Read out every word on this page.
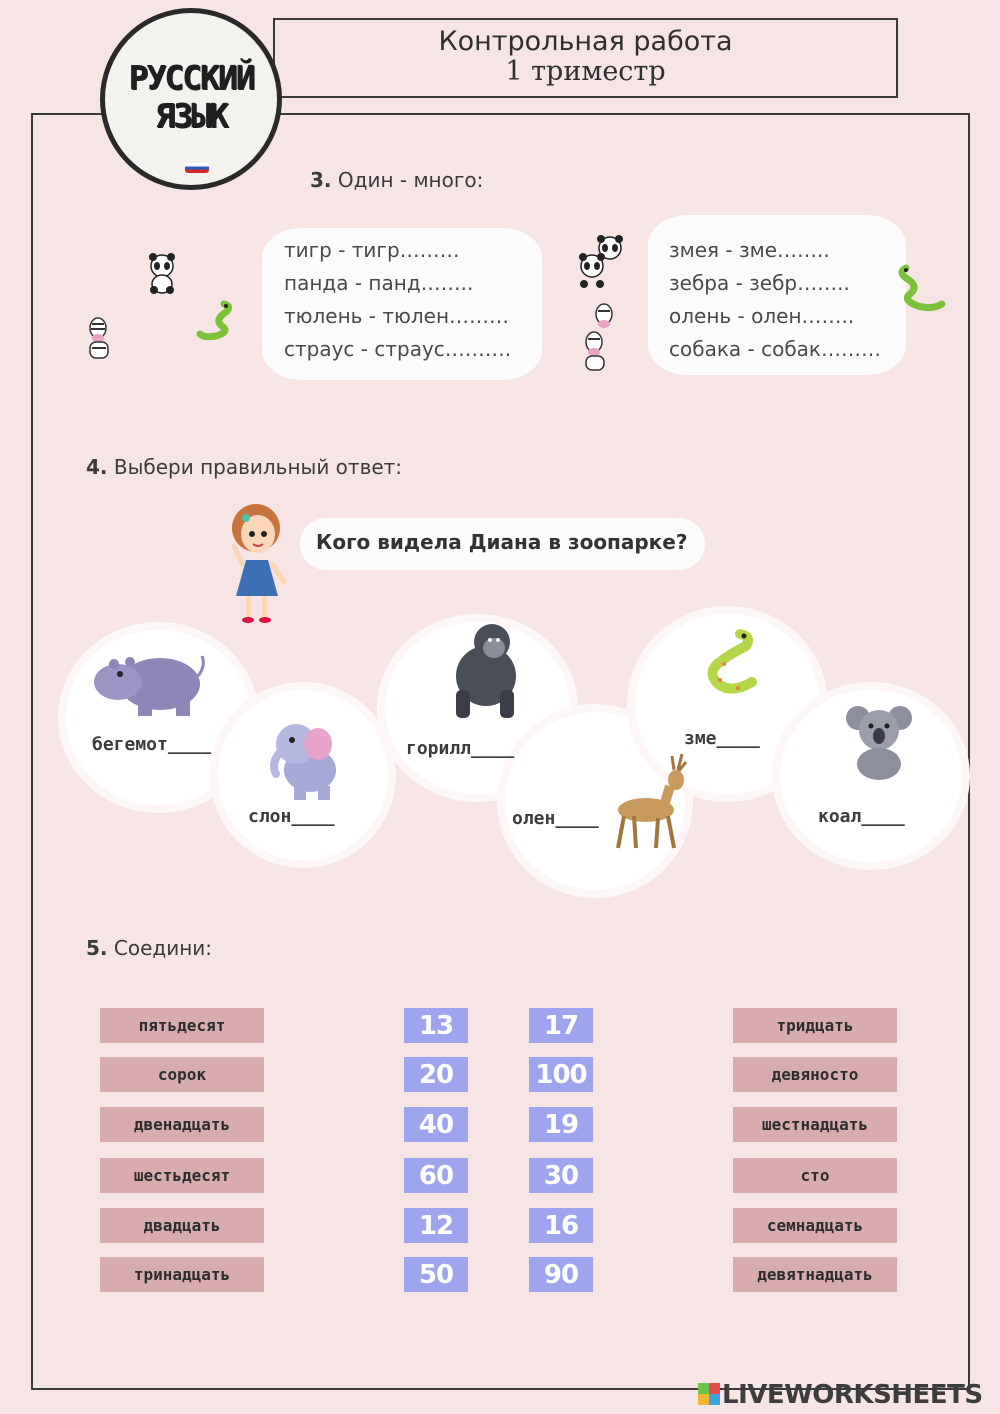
Контрольная работа
1 триместр
РУССКИЙ
ЯЗЫК
3. Один - много:
тигр - тигр………
панда - панд……..
тюлень - тюлен………
страус - страус……….
змея - зме……..
зебра - зебр……..
олень - олен……..
собака - собак………
4. Выбери правильный ответ:
Кого видела Диана в зоопарке?
бегемот____
слон____
горилл____
олен____
зме____
коал____
5. Соедини:
пятьдесят
сорок
двенадцать
шестьдесят
двадцать
тринадцать
13
20
40
60
12
50
17
100
19
30
16
90
тридцать
девяносто
шестнадцать
сто
семнадцать
девятнадцать
LIVEWORKSHEETS
